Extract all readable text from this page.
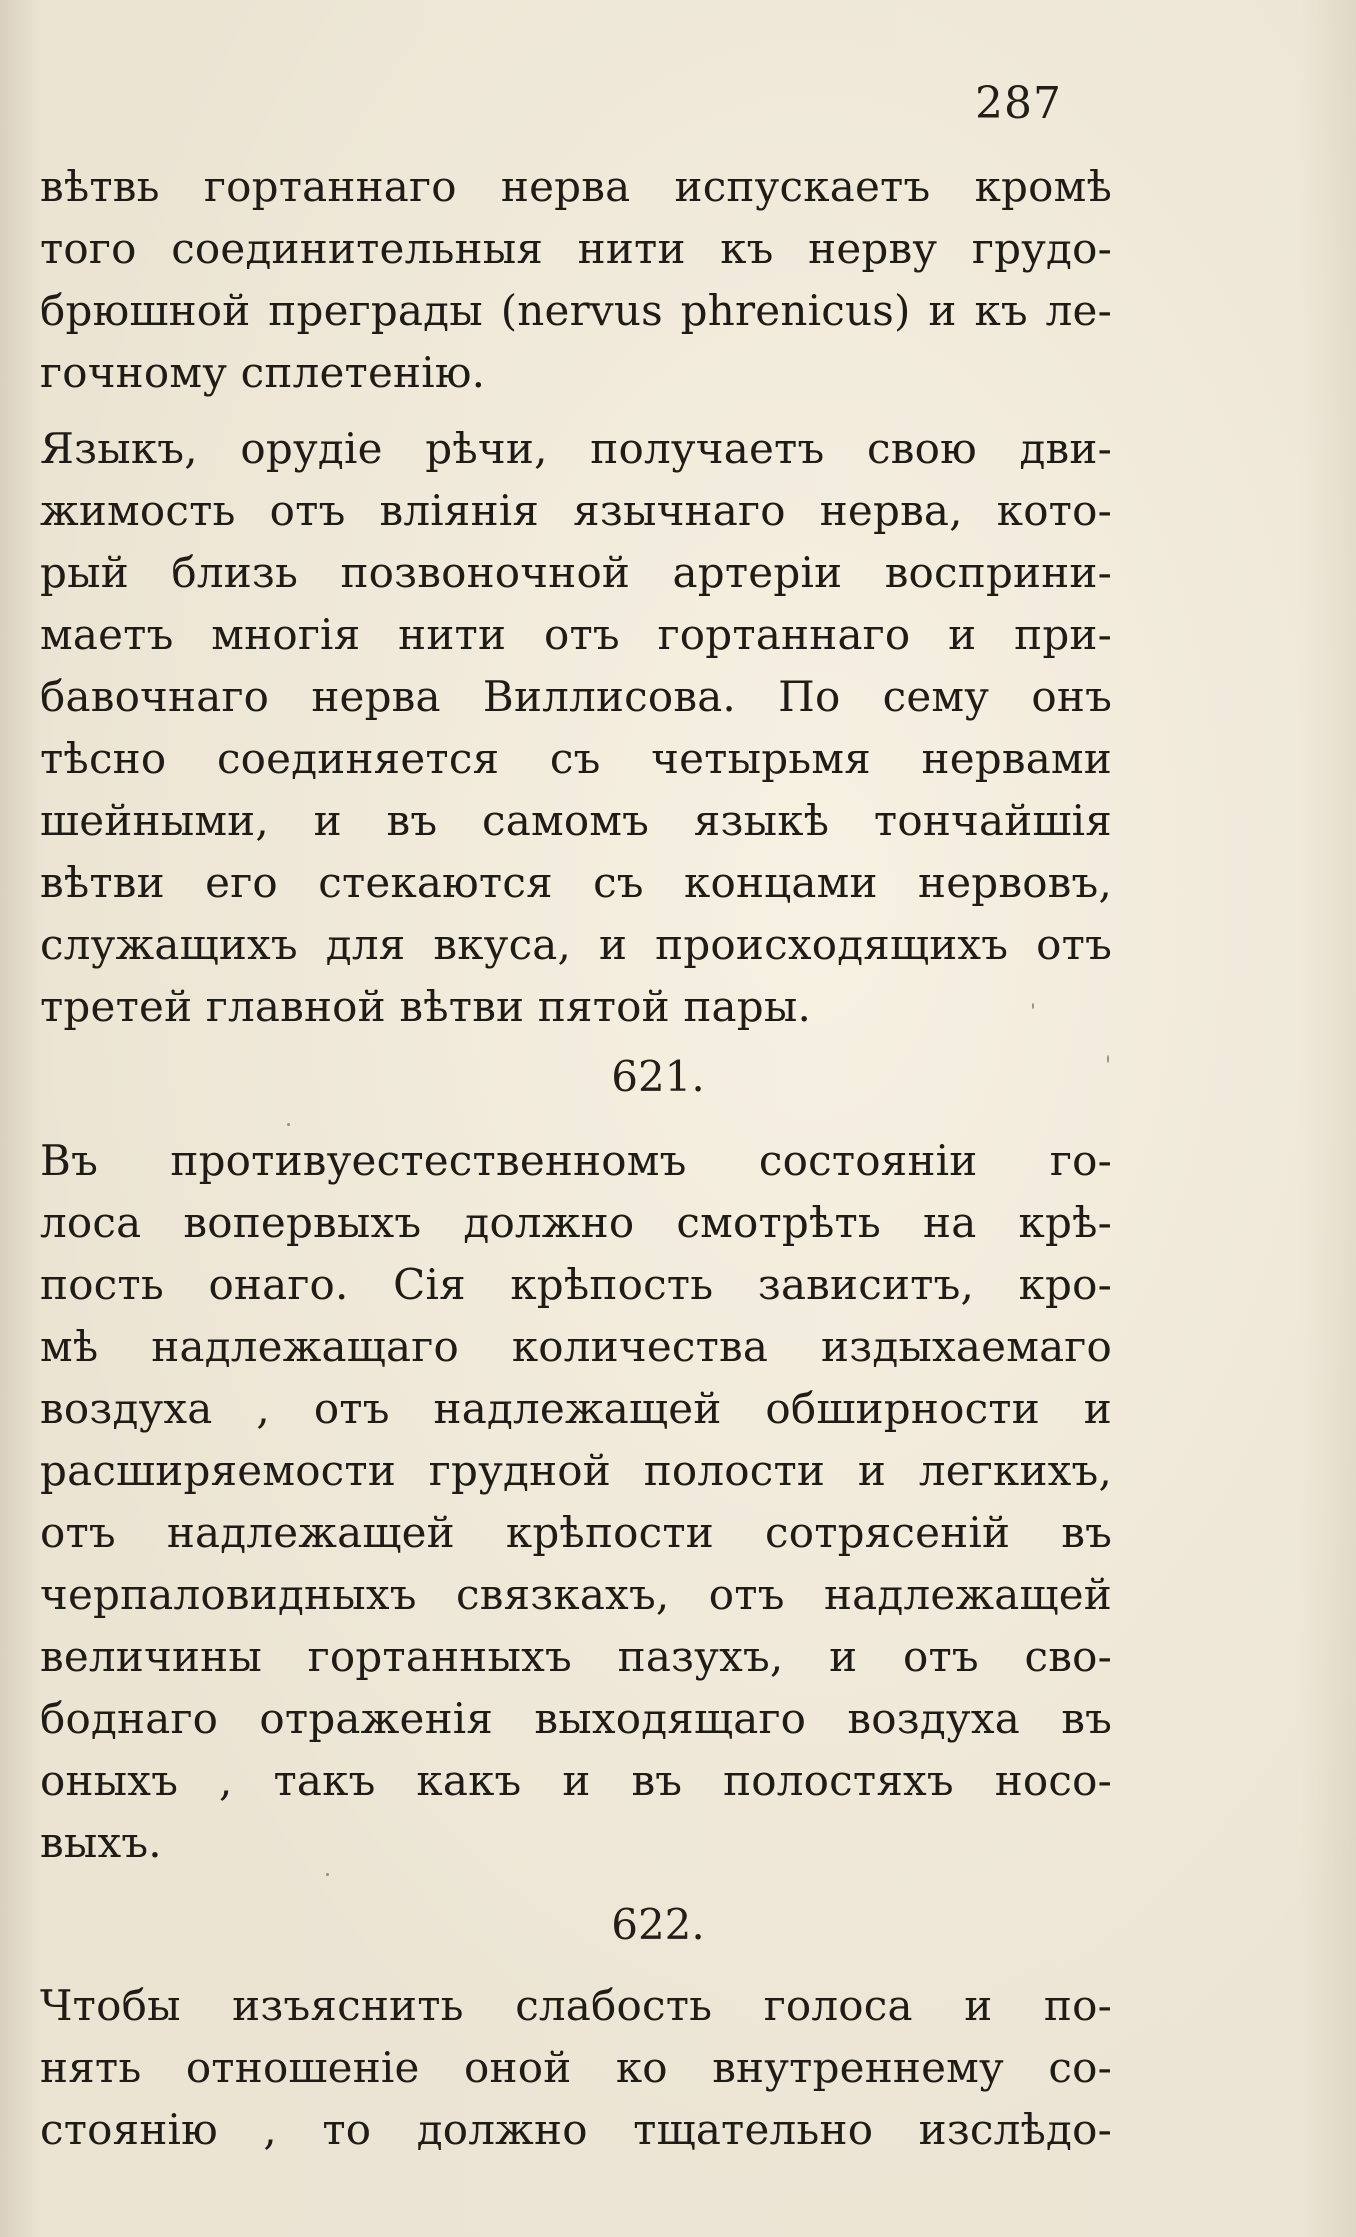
287
вѣтвь гортаннаго нерва испускаетъ кромѣ
того соединительныя нити къ нерву грудо-
брюшной преграды (nervus phrenicus) и къ ле-
гочному сплетенію.
Языкъ, орудіе рѣчи, получаетъ свою дви-
жимость отъ влiянiя язычнаго нерва, кото-
рый близь позвоночной артеріи восприни-
маетъ многія нити отъ гортаннаго и при-
бавочнаго нерва Виллисова. По сему онъ
тѣсно соединяется съ четырьмя нервами
шейными, и въ самомъ языкѣ тончайшія
вѣтви его стекаются съ концами нервовъ,
служащихъ для вкуса, и происходящихъ отъ
третей главной вѣтви пятой пары.
621.
Въ противуестественномъ состояніи го-
лоса вопервыхъ должно смотрѣть на крѣ-
пость онаго. Сія крѣпость зависитъ, кро-
мѣ надлежащаго количества издыхаемаго
воздуха , отъ надлежащей обширности и
расширяемости грудной полости и легкихъ,
отъ надлежащей крѣпости сотрясеній въ
черпаловидныхъ связкахъ, отъ надлежащей
величины гортанныхъ пазухъ, и отъ сво-
боднаго отраженія выходящаго воздуха въ
оныхъ , такъ какъ и въ полостяхъ носо-
выхъ.
622.
Чтобы изъяснить слабость голоса и по-
нять отношеніе оной ко внутреннему со-
стоянію , то должно тщательно изслѣдо-
